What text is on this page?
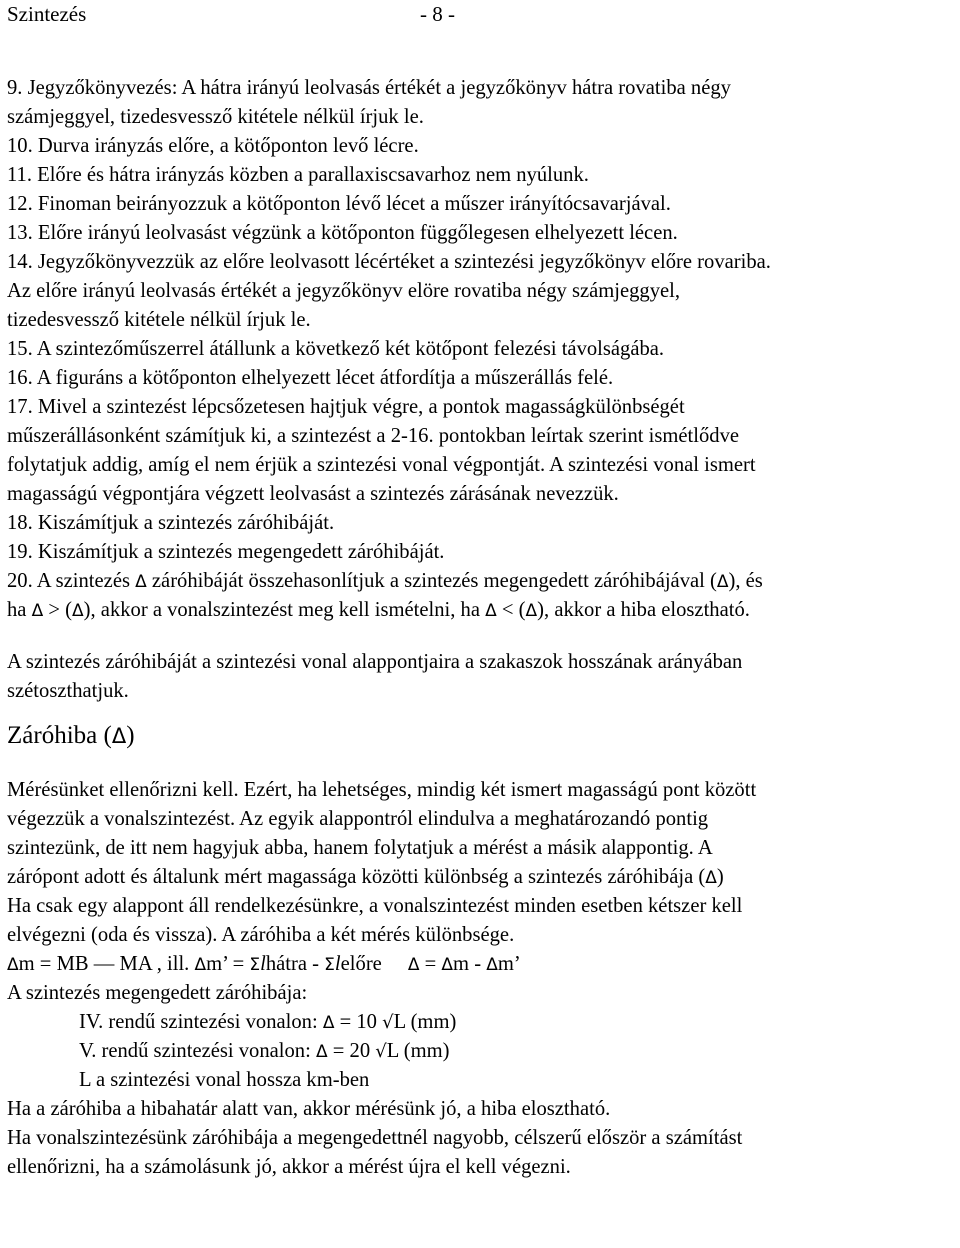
Szintezés	- 8 -
9. Jegyzőkönyvezés: A hátra irányú leolvasás értékét a jegyzőkönyv hátra rovatiba négy
számjeggyel, tizedesvessző kitétele nélkül írjuk le.
10. Durva irányzás előre, a kötőponton levő lécre.
11. Előre és hátra irányzás közben a parallaxiscsavarhoz nem nyúlunk.
12. Finoman beirányozzuk a kötőponton lévő lécet a műszer irányítócsavarjával.
13. Előre irányú leolvasást végzünk a kötőponton függőlegesen elhelyezett lécen.
14. Jegyzőkönyvezzük az előre leolvasott lécértéket a szintezési jegyzőkönyv előre rovariba.
Az előre irányú leolvasás értékét a jegyzőkönyv elöre rovatiba négy számjeggyel,
tizedesvessző kitétele nélkül írjuk le.
15. A szintezőműszerrel átállunk a következő két kötőpont felezési távolságába.
16. A figuráns a kötőponton elhelyezett lécet átfordítja a műszerállás felé.
17. Mivel a szintezést lépcsőzetesen hajtjuk végre, a pontok magasságkülönbségét
műszerállásonként számítjuk ki, a szintezést a 2-16. pontokban leírtak szerint ismétlődve
folytatjuk addig, amíg el nem érjük a szintezési vonal végpontját. A szintezési vonal ismert
magasságú végpontjára végzett leolvasást a szintezés zárásának nevezzük.
18. Kiszámítjuk a szintezés záróhibáját.
19. Kiszámítjuk a szintezés megengedett záróhibáját.
20. A szintezés Δ záróhibáját összehasonlítjuk a szintezés megengedett záróhibájával (Δ), és
ha Δ > (Δ), akkor a vonalszintezést meg kell ismételni, ha Δ < (Δ), akkor a hiba elosztható.
A szintezés záróhibáját a szintezési vonal alappontjaira a szakaszok hosszának arányában
szétoszthatjuk.
Záróhiba (Δ)
Mérésünket ellenőrizni kell. Ezért, ha lehetséges, mindig két ismert magasságú pont között
végezzük a vonalszintezést. Az egyik alappontról elindulva a meghatározandó pontig
szintezünk, de itt nem hagyjuk abba, hanem folytatjuk a mérést a másik alappontig. A
zárópont adott és általunk mért magassága közötti különbség a szintezés záróhibája (Δ)
Ha csak egy alappont áll rendelkezésünkre, a vonalszintezést minden esetben kétszer kell
elvégezni (oda és vissza). A záróhiba a két mérés különbsége.
Δm = MB — MA , ill. Δm’ = Σlhátra - Σlelőre Δ = Δm - Δm’
A szintezés megengedett záróhibája:
IV. rendű szintezési vonalon: Δ = 10 √L (mm)
V. rendű szintezési vonalon: Δ = 20 √L (mm)
L a szintezési vonal hossza km-ben
Ha a záróhiba a hibahatár alatt van, akkor mérésünk jó, a hiba elosztható.
Ha vonalszintezésünk záróhibája a megengedettnél nagyobb, célszerű először a számítást
ellenőrizni, ha a számolásunk jó, akkor a mérést újra el kell végezni.
